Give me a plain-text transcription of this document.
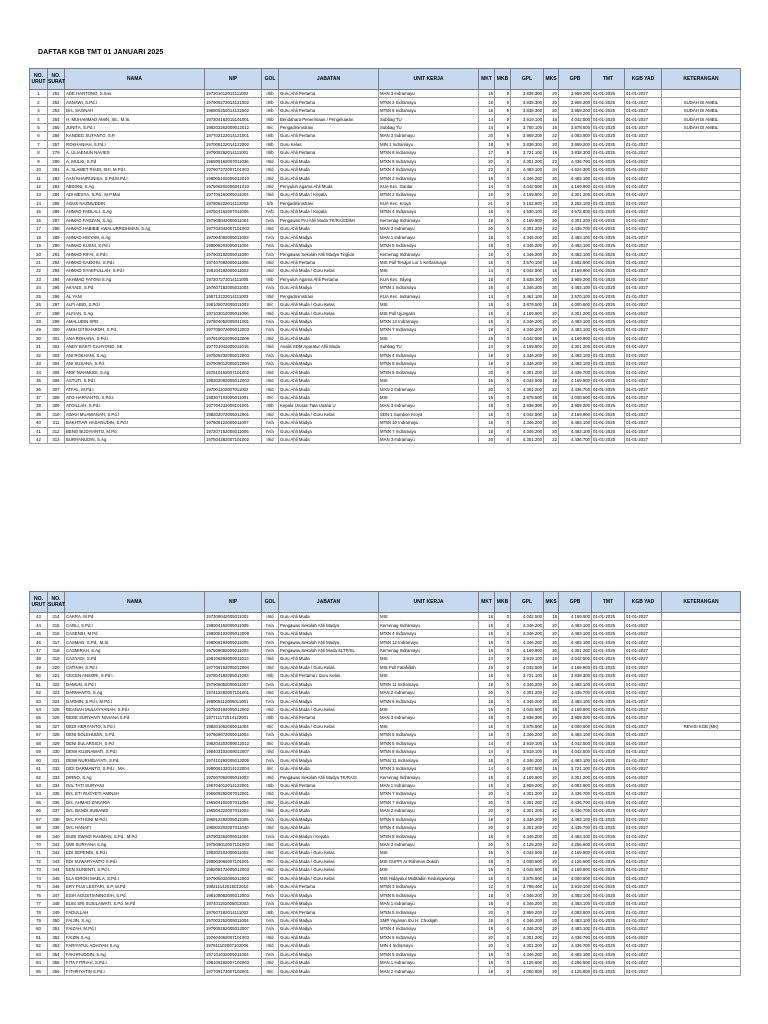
DAFTAR KGB TMT 01 JANUARI 2025
NO. URUT	NO. SURAT	NAMA	NIP	GOL	JABATAN	UNIT KERJA	MKT	MKB	GPL	MKS	GPB	TMT	KGB YAD	KETERANGAN
1	251	ADE HARTONO, S.Sos.	197301012014111002	III/b	Guru Ahli Pertama	MAN 3 Indramayu	18	9	3.838.300	20	3.959.200	01-01-2025	01-01-2027	
2	252	ASNAWI, S.Pd.I	197909272014121002	III/b	Guru Ahli Pertama	MTsN 2 Indramayu	18	9	3.838.300	20	3.959.200	01-01-2025	01-01-2027	SUDAH DI AMBIL
3	253	Drs. SAONAH	196805252014122002	III/b	Guru Ahli Pertama	MTsN 6 Indramayu	18	9	3.838.300	20	3.959.200	01-01-2025	01-01-2027	SUDAH DI AMBIL
4	254	H. MUHAMMAD AMIN, SE., M.Si.	197304162015101001	III/b	Bendahara Penerimaan / Pengeluaran	Subbag TU	14	9	3.919.100	16	4.042.500	01-01-2025	01-01-2027	SUDAH DI AMBIL
5	255	JUNITA, S.Pd.I	198202262009012012	III/c	Pengadministrasi	Subbag TU	14	9	3.760.100	16	3.878.500	01-01-2025	01-01-2027	SUDAH DI AMBIL
6	256	KANDEG SUTANTO, S.P.	197702122014121001	III/b	Guru Ahli Pertama	MAN 3 Indramayu	20	9	3.959.200	22	4.083.900	01-01-2025	01-01-2027	
7	257	ROKHANIAH, S.Pd.I	197008122014122002	III/b	Guru Kelas	MIN 1 Indramayu	18	9	3.838.300	20	3.959.200	01-01-2025	01-01-2027	
8	279	A. ULIAENUN NAVIES	197909262014111001	III/b	Guru Ahli Pertama	MTsN 8 Indramayu	17	9	3.721.100	18	3.838.300	01-01-2025	01-01-2027	
9	280	A. MULKI, S.Pd	196505162007011036	III/d	Guru Ahli Muda	MTsN 8 Indramayu	20	0	4.301.200	22	4.436.700	01-01-2025	01-01-2027	
10	281	A. SLAMET RIADI, SHI, M.Pd.I.	197907272007101003	III/d	Guru Ahli Muda	MTsN 4 Indramayu	22	0	4.483.100	24	4.624.300	01-01-2025	01-01-2027	
11	282	AAN KHAIRUNISA, S.Pd.M.Pd.I.	198005102005012010	III/d	Guru Ahli Muda	MTsN 2 Indramayu	18	0	4.346.200	20	4.483.100	01-01-2025	01-01-2027	
12	283	ABSONI, S.Ag	197506202006041010	III/d	Penyuluh Agama Ahli Muda	KUA Kec. Gantar	14	0	4.042.500	16	4.169.900	01-01-2025	01-01-2027	
13	284	ADI MESYA, S.Pd., M.P.Mat	197705160005011004	III/d	Guru Ahli Muda / Kepala	MTsN 2 Indramayu	16	0	4.169.900	20	4.301.200	01-01-2025	01-01-2027	
14	285	AGUS NAZMUDDIN	197805222014112002	II/b	Pengadministrasi	KUA Kec. Kroya	21	0	3.152.800	23	3.252.100	01-01-2025	01-01-2027	
15	286	AHMAD FADLALI, S.Ag	197604162007011006	IV/b	Guru Ahli Muda / Kepala	MTsN 4 Indramayu	18	0	4.530.100	20	4.672.800	01-01-2025	01-01-2027	
16	287	AHMAD FAOZAN, S.Ag.	197909042005011004	IV/a	Pengawas PAI Ahli Muda TK/RA/SD/MI	Kemenag Indramayu	18	0	4.169.900	20	4.301.200	01-01-2025	01-01-2027	
17	288	AHMAD HABIBIE AWALURRIDHMAN, S.Ag	197702042007101003	III/d	Guru Ahli Muda	MAN 3 Indramayu	20	0	4.301.200	22	4.436.700	01-01-2025	01-01-2027	
18	289	AHMAD HISYAM, S.Ag	197004082005011003	IV/a	Guru Ahli Madya	MAN 1 Indramayu	18	0	4.346.200	20	4.483.100	01-01-2025	01-01-2027	
19	290	AHMAD KUSNI, S.Pd.I	198008202005011004	IV/a	Guru Ahli Madya	MTsN 5 Indramayu	18	0	4.346.200	20	4.483.100	01-01-2025	01-01-2027	
20	291	AHMAD RIFAI, S.Pd.I	197903182005011000	IV/a	Pengawas Sekolah Ahli Madya Tingkat	Kemenag Indramayu	18	0	4.346.200	20	4.483.100	01-01-2025	01-01-2027	
21	292	AHMAD SAEKHU, S.Pd.I	197407082005011005	III/d	Guru Ahli Pertama	MIS Pull Tenajar Lor 1 Kertasmaya	16	0	3.570.100	18	3.682.500	01-01-2025	01-01-2027	
22	293	AHMAD SYAEFULLAH, S.Pd.I	198104182005011002	III/d	Guru Ahli Muda / Guru Kelas	MIS	14	0	4.042.500	16	4.169.900	01-01-2025	01-01-2027	
23	294	AKHMAD FATONI S.Ag	197207272014111005	III/b	Penyuluh Agama Ahli Pertama	KUA Kec. Sliyeg	18	0	3.838.300	20	3.959.200	01-01-2025	01-01-2027	
24	295	AKYADI, S.Pd	197607182005011004	IV/a	Guru Ahli Madya	MTsN 1 Indramayu	18	0	4.346.200	20	4.483.100	01-01-2025	01-01-2027	
25	296	AL YANI	196712222014111003	III/d	Pengadministrasi	KUA Kec. Indramayu	14	0	3.461.100	16	3.570.100	01-01-2025	01-01-2027	
26	297	ALFI ABID, S.Pd.I	198109072005011003	III/c	Guru Ahli Muda / Guru Kelas	MIS	16	0	3.878.500	18	4.000.600	01-01-2025	01-01-2027	
27	298	ALFIAN, S.Ag	197103012005011006	III/d	Guru Ahli Muda / Guru Kelas	MIS Pull Ujungaris	18	0	4.169.900	20	4.301.200	01-01-2025	01-01-2027	
28	299	AMALUDIN SPD	197804052005041001	IV/a	Guru Ahli Madya	MTsN 13 Indramayu	18	0	4.346.200	20	4.483.100	01-01-2025	01-01-2027	
29	300	AMIH ISTIKHAROH, S.Pd.	197705072005012003	IV/a	Guru Ahli Madya	MTsN 7 Indramayu	18	0	4.346.200	20	4.483.100	01-01-2025	01-01-2027	
30	301	ANA ROHANA, S.Pd.I	197910022005012006	III/d	Guru Ahli Muda	MIS	16	0	4.042.500	18	4.169.900	01-01-2025	01-01-2027	
31	302	ANDY BAKTI CAHYONO, SE	197701042005011016	III/d	Analis SDM Aparatur Ahli Muda	Subbag TU	14	0	4.169.900	20	4.301.200	01-01-2025	01-01-2027	
32	303	ANI ROKHANI, S.Ag.	197609232005012003	IV/a	Guru Ahli Madya	MTsN 4 Indramayu	18	0	4.346.200	20	4.483.100	01-01-2025	01-01-2027	
33	304	ANI SUSANA, S.Pd.	197909012005012004	IV/a	Guru Ahli Madya	MTsN 8 Indramayu	18	0	4.346.200	20	4.483.100	01-01-2025	01-01-2027	
34	305	ARIF MAHMUDI, S.Ag	197510152007101002	III/d	Guru Ahli Muda	MTsN 5 Indramayu	20	0	4.301.200	22	4.436.700	01-01-2025	01-01-2027	
35	306	ASTUTI, S.Pd.I	198302082005012003	III/d	Guru Ahli Muda	MIS	16	0	4.042.500	18	4.169.900	01-01-2025	01-01-2027	
36	307	ATFAL, M.Pd.I	197001102007011002	III/d	Guru Ahli Muda	MAN 2 Indramayu	20	0	4.301.200	22	4.436.700	01-01-2025	01-01-2027	
37	308	ATO HARYANTO, S.Pd.I.	198307102005011001	III/c	Guru Ahli Muda	MIS	16	0	3.878.500	18	4.000.600	01-01-2025	01-01-2027	
38	309	ATOILLAH, S.Pd.I	197704232009101001	III/b	Kepala Urusan Tata Usaha U	MAN 3 Indramayu	18	0	3.838.300	20	3.959.200	01-01-2025	01-01-2027	
39	310	AWAH MUAWANAH, S.Pd.I	198202072005012001	III/d	Guru Ahli Muda / Guru Kelas	SDN 1 Sumbon Kroya	16	0	4.042.500	18	4.169.900	01-01-2025	01-01-2027	
40	311	BAKHTIAR HASANUDIN, S.Pd.I	197808122005011007	IV/a	Guru Ahli Madya	MTsN 10 Indramayu	18	0	4.346.200	20	4.483.100	01-01-2025	01-01-2027	
41	312	BENO BUDIYANTO, M.Pd.	197207162005011005	IV/a	Guru Ahli Madya	MTsN 7 Indramayu	18	0	4.346.200	20	4.483.100	01-01-2025	01-01-2027	
42	313	BURHANUDIN, S.Ag	197504282007101002	III/d	Guru Ahli Muda	MAN 3 Indramayu	20	0	4.301.200	22	4.436.700	01-01-2025	01-01-2027	
NO. URUT	NO. SURAT	NAMA	NIP	GOL	JABATAN	UNIT KERJA	MKT	MKB	GPL	MKS	GPB	TMT	KGB YAD	KETERANGAN
43	314	CAKRA, M.Pd	197309042005011002	III/d	Guru Ahli Muda	MIS	16	0	4.042.500	18	4.169.900	01-01-2025	01-01-2027	
44	315	CARLI, S.Pd.I	198004162005011005	IV/a	Pengawas Sekolah Ahli Madya	Kemenag Indramayu	18	0	4.346.200	20	4.483.100	01-01-2025	01-01-2027	
45	316	CASENIH, M.Pd	198005102005012008	IV/a	Guru Ahli Madya	MTsN 4 Indramayu	18	0	4.346.200	20	4.483.100	01-01-2025	01-01-2027	
46	317	CASMAN, S.Pd., M.Si.	198008192005011005	IV/a	Pengawas Sekolah Ahli Madya	MTsN 12 Indramayu	18	0	4.346.200	20	4.483.100	01-01-2025	01-01-2027	
47	318	CASMIRAH, S.Ag	197509082005011003	IV/a	Pengawas Sekolah Ahli Muda SLTP/SL	Kemenag Indramayu	18	0	4.169.900	20	4.301.200	01-01-2025	01-01-2027	
48	319	CASYADI, S.Pd	198106292009011013	III/d	Guru Ahli Muda	MIS	14	0	3.919.100	16	4.042.500	01-01-2025	01-01-2027	
49	320	CATINIH, S.Pd.I	197708152005012004	III/d	Guru Ahli Muda / Guru Kelas	MIS Pull Fatahillah	16	0	4.042.500	18	4.169.900	01-01-2025	01-01-2027	
50	321	CECEN ANSORI, S.Pd.I.	197804182005011003	III/b	Guru Ahli Pertama / Guru Kelas	MIS	18	0	3.721.100	18	3.838.300	01-01-2025	01-01-2027	
51	322	DAMUN, S.Pd.I	197905052005011007	IV/a	Guru Ahli Madya	MTsN 11 Indramayu	18	0	4.346.200	20	4.483.100	01-01-2025	01-01-2027	
52	323	DARMANTO, S.Ag	197412282007101001	III/d	Guru Ahli Muda	MAN 2 Indramayu	20	0	4.301.200	22	4.436.700	01-01-2025	01-01-2027	
53	324	DARMIN, S.Pd.I, M.Pd.I	198005112005011001	IV/a	Guru Ahli Madya	MTsN 6 Indramayu	18	0	4.346.200	20	4.483.100	01-01-2025	01-01-2027	
54	325	DEANAH MULIAYYANAH, S.Pd.I	197503182005012002	III/d	Guru Ahli Muda / Guru Kelas	MIS	16	0	4.042.500	18	4.169.900	01-01-2025	01-01-2027	
55	326	DEDE SURYANTI NIVIANA S.Pd	197711172014122001	III/b	Guru Ahli Pertama	MAN 3 Indramayu	18	0	3.838.300	20	3.959.200	01-01-2025	01-01-2027	
56	327	DEDI HERYANTO, S.Pd.I	198201052005011004	III/c	Guru Ahli Muda / Guru Kelas	MIS	16	0	3.878.500	18	4.000.600	01-01-2025	01-01-2027	REVISI KGB (MK)
57	328	DENI SOLEHUDIN, S.Pd.	197808072005011003	IV/a	Guru Ahli Madya	MTsN 5 Indramayu	18	0	4.346.200	20	4.483.100	01-01-2025	01-01-2027	
58	329	DENI SULARSICH, S.Pd	198204202009012012	III/c	Guru Ahli Muda	MTsN 5 Indramayu	14	0	3.919.100	16	4.042.500	01-01-2025	01-01-2027	
59	330	DEWI KUSNAWATI, S.Pd.I	198403102009012007	III/d	Guru Ahli Muda	MTsN 8 Indramayu	14	0	3.919.100	16	4.042.500	01-01-2025	01-01-2027	
60	331	DEWI NURHIDAYATI, S.Pd.	197410292005012005	IV/a	Guru Ahli Madya	MTsN 11 Indramayu	18	0	4.346.200	20	4.483.100	01-01-2025	01-01-2027	
61	332	DIDI DARMANTO, S.Pd.I., MA	198006132014122004	III/c	Guru Ahli Muda	MTsN 3 Indramayu	14	0	3.607.500	16	3.721.100	01-01-2025	01-01-2027	
62	333	DIRNO, S.Ag	197507062005011003	III/d	Pengawas Sekolah Ahli Madya TK/RA/S	Kemenag Indramayu	18	0	4.169.900	20	4.301.200	01-01-2025	01-01-2027	
63	334	Dra. TATI SURYANI	196704012014122001	III/b	Guru Ahli Pertama	MAN 1 Indramayu	18	0	3.959.200	20	4.083.900	01-01-2025	01-01-2027	
64	335	Drs. ETI RUSYETI AMINAH	196609292007012001	III/d	Guru Ahli Muda	MTsN 7 Indramayu	20	0	4.301.200	22	4.436.700	01-01-2025	01-01-2027	
65	336	Drs. AHMAD ZAKARIA	196504102007011054	III/d	Guru Ahli Muda	MTsN 7 Indramayu	20	0	4.301.200	22	4.436.700	01-01-2025	01-01-2027	
66	337	Drs. BANDI SUBANDI	196504222007011003	III/d	Guru Ahli Muda	MAN 2 Indramayu	20	0	4.301.200	22	4.436.700	01-01-2025	01-01-2027	
67	338	Drs. FATHONI M.Pd.I	196912292005011005	IV/a	Guru Ahli Madya	MTsN 5 Indramayu	18	0	4.346.200	20	4.483.100	01-01-2025	01-01-2027	
68	339	Drs. HANAFI	196902202007011040	III/d	Guru Ahli Muda	MTsN 4 Indramayu	20	0	4.301.200	22	4.436.700	01-01-2025	01-01-2027	
69	340	DUDI SWADI RAHMAN, S.Pd., M.Pd	197903262005011004	IV/a	Guru Ahli Madya / Kepala	MTsN 8 Indramayu	18	0	4.346.200	20	4.483.100	01-01-2025	01-01-2027	
70	341	DWI SURYANA S.Ag	197509012007101003	III/d	Guru Ahli Muda	MAN 3 Indramayu	20	0	4.126.200	22	4.256.600	01-01-2025	01-01-2027	
71	342	EDI SEPENDI, S.Pd.I	198302102005011002	III/d	Guru Ahli Muda / Guru Kelas	MIS	16	0	4.042.500	18	4.169.900	01-01-2025	01-01-2027	
72	343	EDI SUWARYANTO S.Pd.I	198003092007101001	III/c	Guru Ahli Muda / Guru Kelas	MIS GUPPI Ar-Rahman Dukuh	18	0	4.000.600	20	4.126.600	01-01-2025	01-01-2027	
73	344	EEN SUNENTI, S.Pd.I.	198208172005012003	III/d	Guru Ahli Muda / Guru Kelas	MIS	16	0	4.042.500	18	4.169.900	01-01-2025	01-01-2027	
74	345	ELA IDROH MAELA, S.Pd.I	197906032005012003	III/c	Guru Ahli Muda / Guru Kelas	MIS Hidayatul Mubtadiin Kedungwungu	16	0	3.878.500	18	4.000.600	01-01-2025	01-01-2027	
75	346	ERY PUJI LESTARI, S.P, M.Pd	198211142015012010	III/b	Guru Ahli Pertama	MTsN 3 Indramayu	12	0	3.799.400	14	3.919.100	01-01-2025	01-01-2027	
76	347	ESIH AGUSTIANINGSIH, S.Pd.	198108082005012003	IV/a	Guru Ahli Madya	MTsN 8 Indramayu	18	0	4.346.200	20	4.483.100	01-01-2025	01-01-2027	
77	348	EUIS SRI SUSILAWATI, S.Pd. M.Pd	197401192005012003	IV/a	Guru Ahli Madya	MAN 1 Indramayu	18	0	4.346.200	20	4.483.100	01-01-2025	01-01-2027	
78	349	FADULLAH	197607182014111002	III/b	Guru Ahli Pertama	MTsN 5 Indramayu	20	0	3.959.200	22	4.083.900	01-01-2025	01-01-2027	
79	350	FAIJIN, S.Ag	197002252005011004	IV/a	Guru Ahli Madya	SMP Yayasan Ibu H. Chodijah	18	0	4.346.200	20	4.483.100	01-01-2025	01-01-2027	
80	351	FAIZAH, M.Pd.I	197909262005012007	IV/a	Guru Ahli Madya	MTsN 4 Indramayu	18	0	4.346.200	20	4.483.100	01-01-2025	01-01-2027	
81	352	FAIZIN S.Ag	197604062007101003	III/d	Guru Ahli Muda	MTsN 6 Indramayu	20	0	4.301.200	22	4.436.700	01-01-2025	01-01-2027	
82	353	FARIYATUL ADHIYAH S.Ag	197811102007102006	III/d	Guru Ahli Muda	MIN 4 Indramayu	20	0	4.301.200	22	4.436.700	01-01-2025	01-01-2027	
83	354	FAKHRUDDIN, S.Ag	197101032005011004	IV/a	Guru Ahli Madya	MTsN 5 Indramayu	18	0	4.346.200	20	4.483.100	01-01-2025	01-01-2027	
84	355	FITA FITRIAH, S.Pd.I	198108182007102003	III/d	Guru Ahli Muda	MAN 1 Indramayu	18	0	4.126.600	20	4.256.600	01-01-2025	01-01-2027	
85	356	FITHRIYATIN S.Pd.I	197709172007102001	III/c	Guru Ahli Muda	MAN 2 Indramayu	18	0	4.000.600	20	4.126.600	01-01-2025	01-01-2027	
